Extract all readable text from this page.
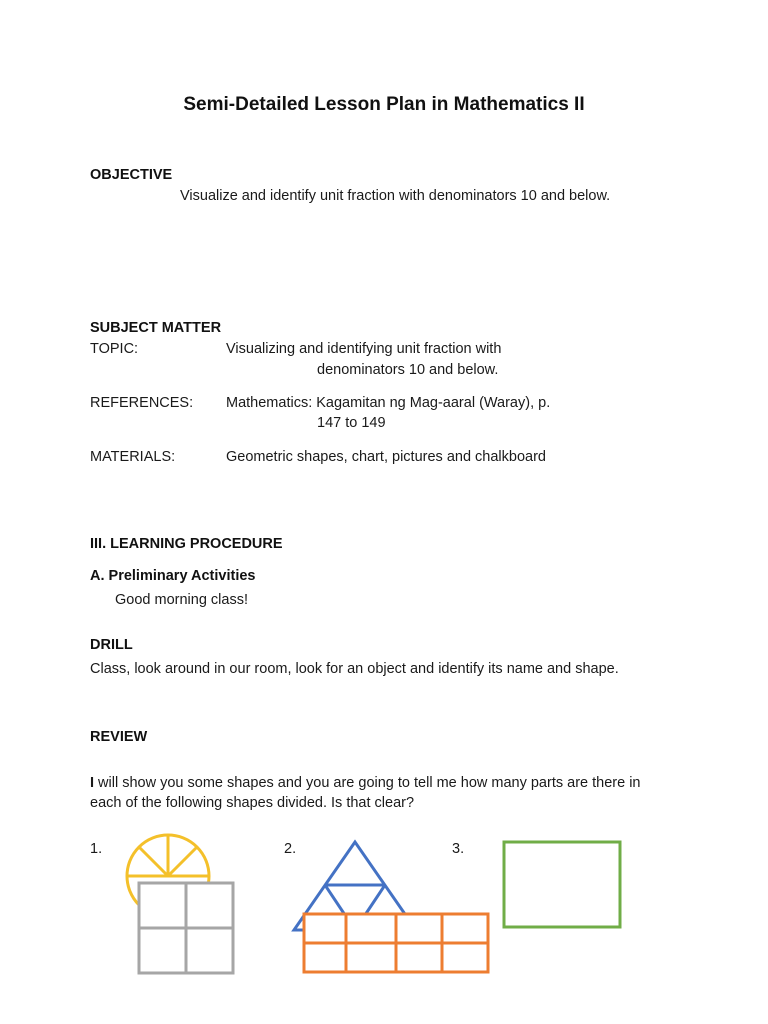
Semi-Detailed Lesson Plan in Mathematics II
OBJECTIVE
Visualize and identify unit fraction with denominators 10 and below.
SUBJECT MATTER
TOPIC:	Visualizing and identifying unit fraction with
denominators 10 and below.
REFERENCES: Mathematics: Kagamitan ng Mag-aaral (Waray), p.
147 to 149
MATERIALS:	Geometric shapes, chart, pictures and chalkboard
III. LEARNING PROCEDURE
A. Preliminary Activities
Good morning class!
DRILL
Class, look around in our room, look for an object and identify its name and shape.
REVIEW
I will show you some shapes and you are going to tell me how many parts are there in
each of the following shapes divided. Is that clear?
1.	2.	3.
